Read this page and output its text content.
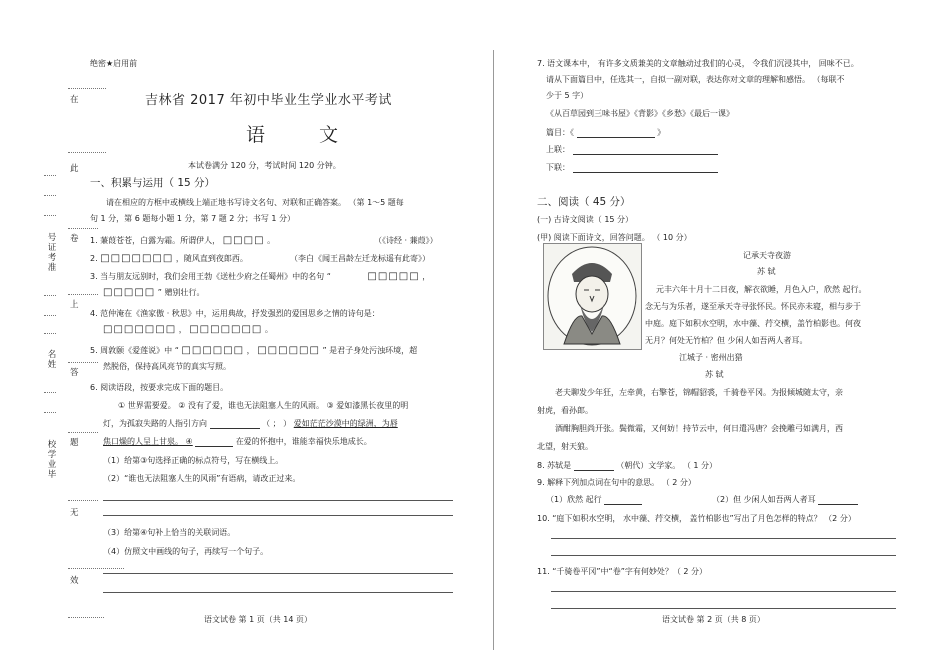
绝密★启用前
吉林省 2017 年初中毕业生学业水平考试
语 文
本试卷满分 120 分，考试时间 120 分钟。
在
此
卷
上
答
题
无
效
号证考准
名姓
校学业毕
一、积累与运用（ 15 分）
请在相应的方框中或横线上端正地书写诗文名句、对联和正确答案。 （第 1～5 题每
句 1 分，第 6 题每小题 1 分，第 7 题 2 分；书写 1 分）
1. 蒹葭苍苍，白露为霜。所谓伊人， □□□□ 。	（《诗经 · 蒹葭》）
2. □□□□□□□ ，随风直到夜郎西。	（李白《闻王昌龄左迁龙标遥有此寄》）
3. 当与朋友远别时，我们会用王勃《送杜少府之任蜀州》中的名句 “	□□□□□ ，
□□□□□ ” 赠别壮行。
4. 范仲淹在《渔家傲 · 秋思》中，运用典故，抒发强烈的爱国思乡之情的诗句是：
□□□□□□□ ， □□□□□□□ 。
5. 周敦颐《爱莲说》中 “ □□□□□□ ， □□□□□□ ” 是君子身处污浊环境，超
然脱俗，保持高风亮节的真实写照。
6. 阅读语段，按要求完成下面的题目。
① 世界需要爱。 ② 没有了爱，谁也无法阻塞人生的风雨。 ③ 爱如漆黑长夜里的明
灯，为孤寂失路的人指引方向	（ ； ） 爱如茫茫沙漠中的绿洲，为唇
焦口燥的人呈上甘泉。 ④	在爱的怀抱中，谁能幸福快乐地成长。
（1）给第③句选择正确的标点符号，写在横线上。
（2）“谁也无法阻塞人生的风雨”有语病，请改正过来。
（3）给第④句补上恰当的关联词语。
（4）仿照文中画线的句子，再续写一个句子。
语文试卷 第 1 页（共 14 页）
7. 语文课本中， 有许多文质兼美的文章触动过我们的心灵， 令我们沉浸其中， 回味不已。
请从下面篇目中，任选其一，自拟一副对联，表达你对文章的理解和感悟。 （每联不
少于 5 字）
《从百草园到三味书屋》《背影》《乡愁》《最后一课》
篇目：《	》
上联：
下联：
二、阅读（ 45 分）
(一) 古诗文阅读（ 15 分）
(甲) 阅读下面诗文，回答问题。 （ 10 分）
记承天寺夜游
苏 轼
元丰六年十月十二日夜，解衣欲睡，月色入户，欣然 起行。
念无与为乐者，遂至承天寺寻张怀民。怀民亦未寝，相与步于
中庭。庭下如积水空明，水中藻、荇交横，盖竹柏影也。何夜
无月？何处无竹柏？但 少闲人如吾两人者耳。
江城子 · 密州出猎
苏 轼
老夫聊发少年狂，左牵黄，右擎苍，锦帽貂裘，千骑卷平冈。为报倾城随太守，亲
射虎，看孙郎。
酒酣胸胆尚开张。鬓微霜，又何妨！持节云中，何日遣冯唐？会挽雕弓如满月，西
北望，射天狼。
8. 苏轼是	（朝代）文学家。 （ 1 分）
9. 解释下列加点词在句中的意思。 （ 2 分）
（1）欣然 起行	（2）但 少闲人如吾两人者耳
10. “庭下如积水空明， 水中藻、荇交横， 盖竹柏影也”写出了月色怎样的特点？ （2 分）
11. “千骑卷平冈”中“卷”字有何妙处？（ 2 分）
语文试卷 第 2 页（共 8 页）
